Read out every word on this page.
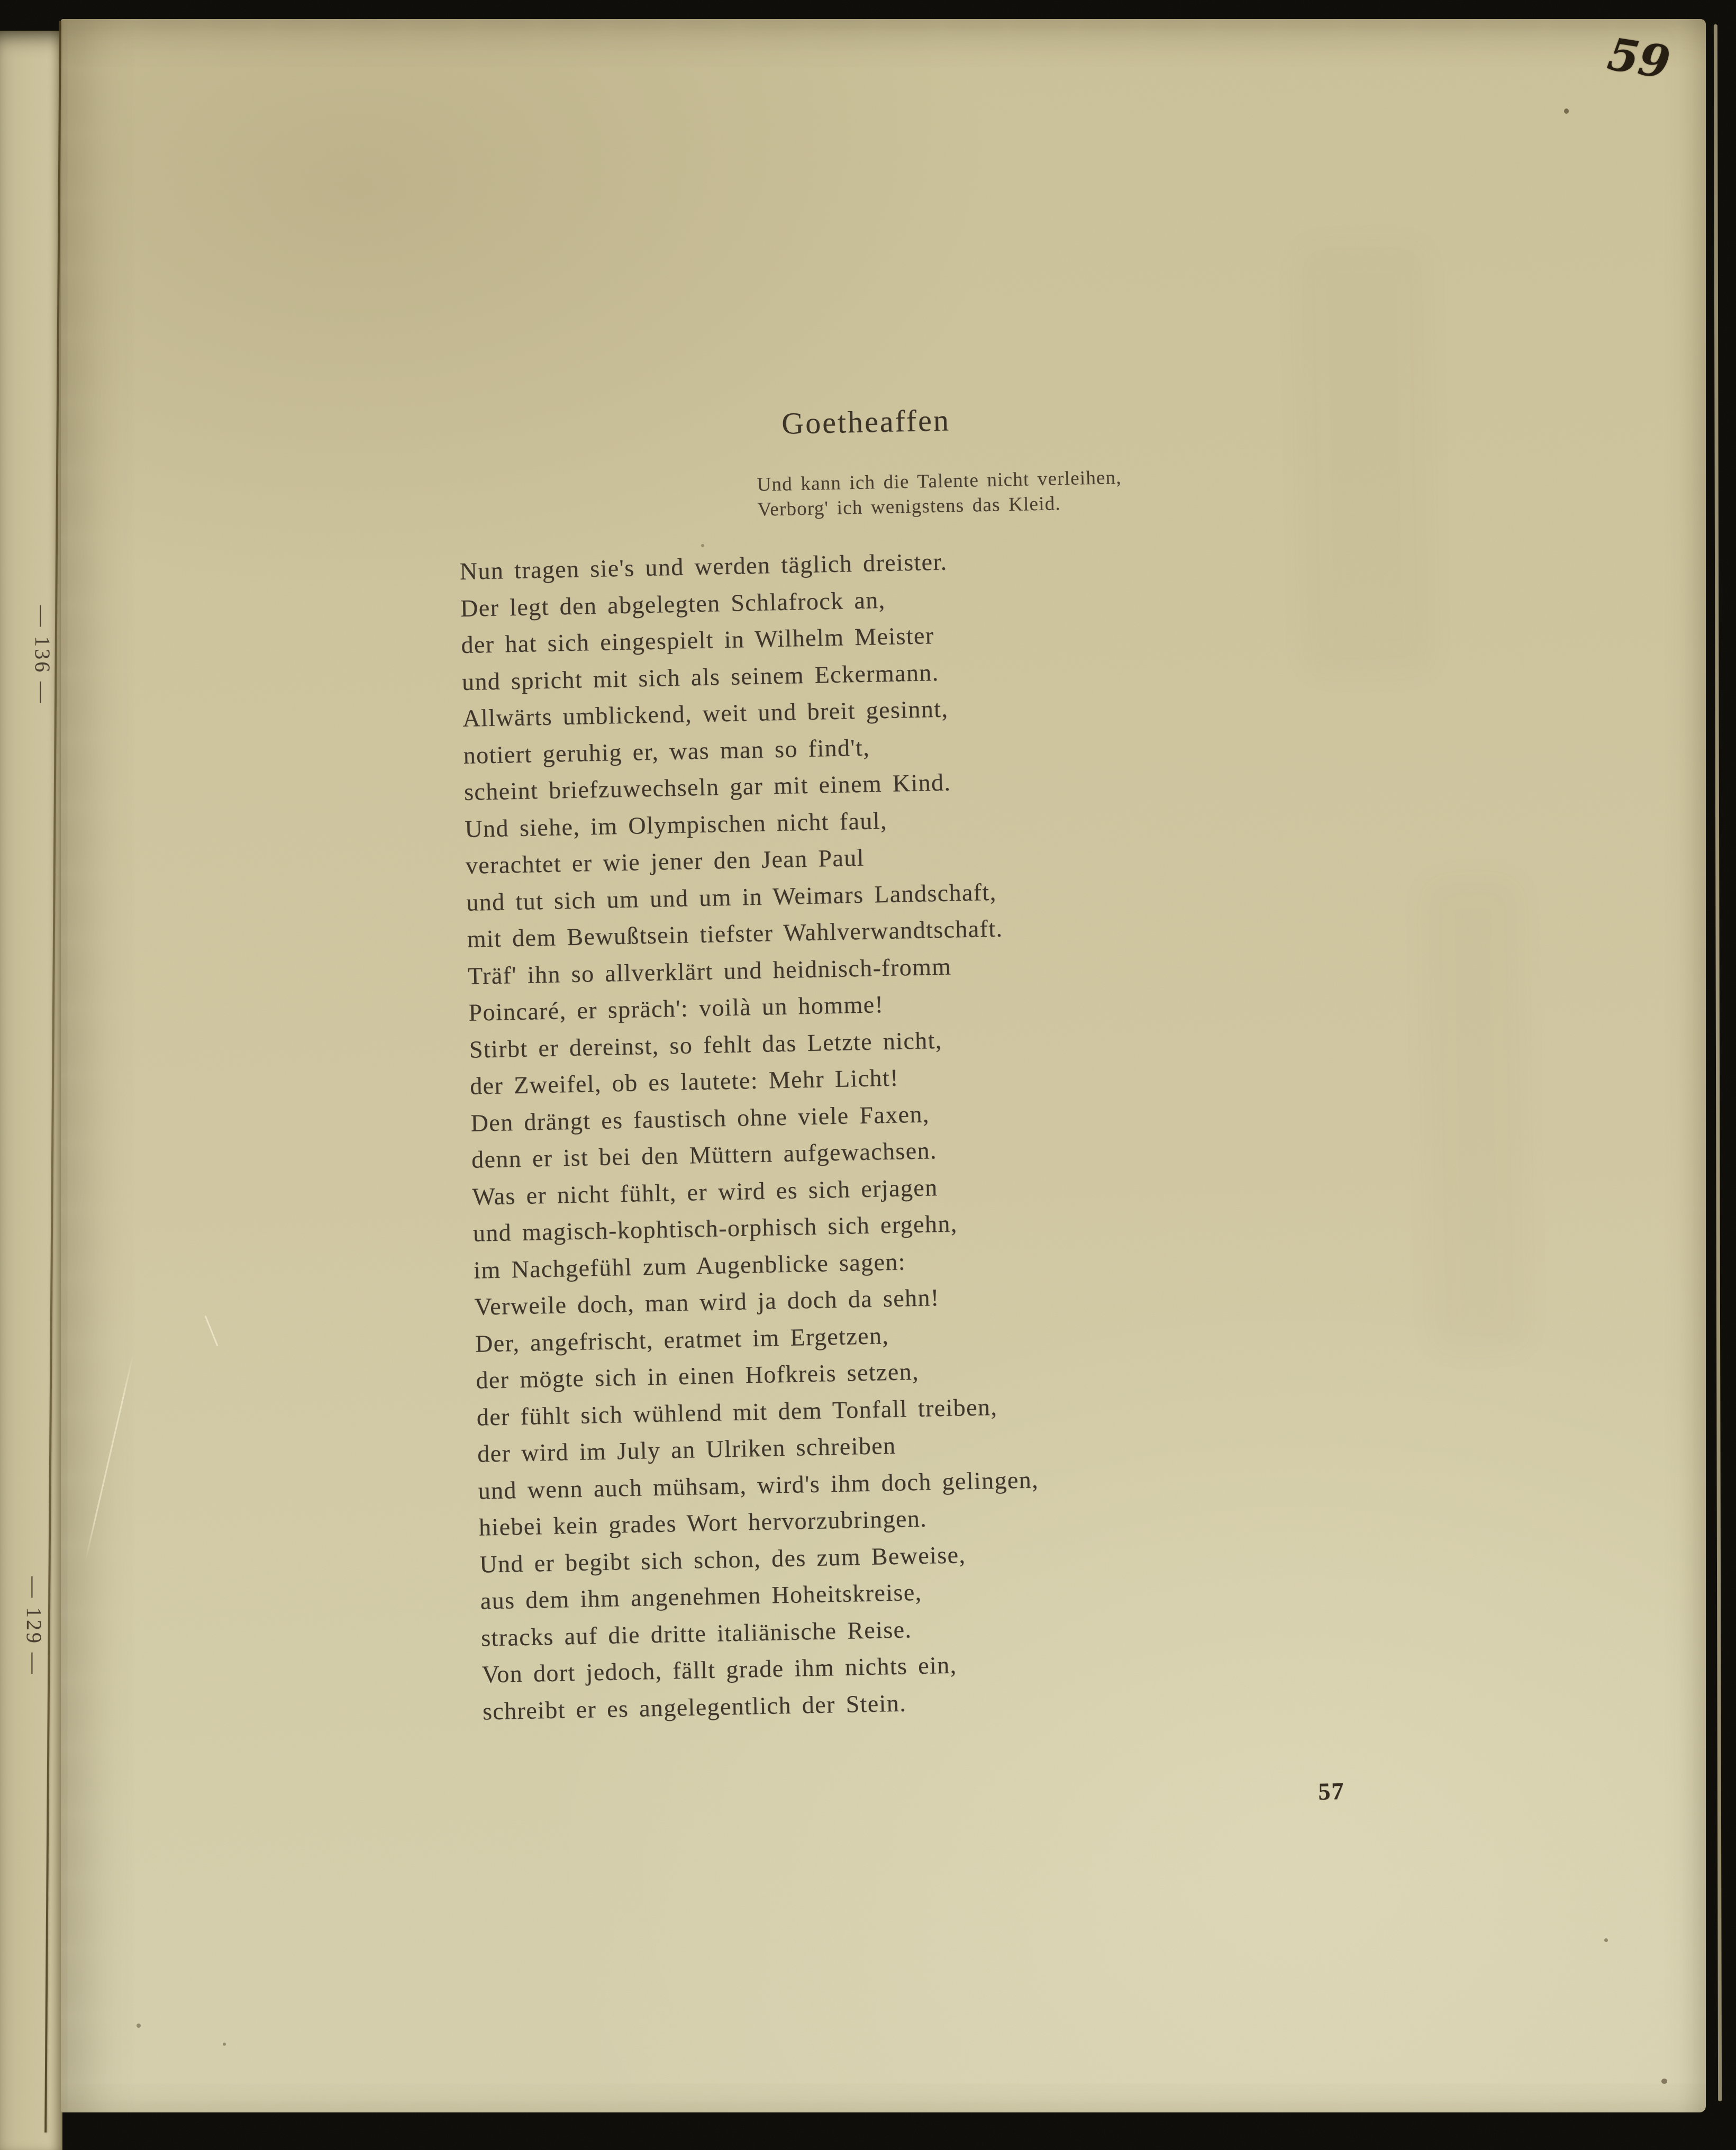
— 136 —
— 129 —
Goetheaffen
Und kann ich die Talente nicht verleihen,
Verborg' ich wenigstens das Kleid.
Nun tragen sie's und werden täglich dreister.
Der legt den abgelegten Schlafrock an,
der hat sich eingespielt in Wilhelm Meister
und spricht mit sich als seinem Eckermann.
Allwärts umblickend, weit und breit gesinnt,
notiert geruhig er, was man so find't,
scheint briefzuwechseln gar mit einem Kind.
Und siehe, im Olympischen nicht faul,
verachtet er wie jener den Jean Paul
und tut sich um und um in Weimars Landschaft,
mit dem Bewußtsein tiefster Wahlverwandtschaft.
Träf' ihn so allverklärt und heidnisch-fromm
Poincaré, er spräch': voilà un homme!
Stirbt er dereinst, so fehlt das Letzte nicht,
der Zweifel, ob es lautete: Mehr Licht!
Den drängt es faustisch ohne viele Faxen,
denn er ist bei den Müttern aufgewachsen.
Was er nicht fühlt, er wird es sich erjagen
und magisch-kophtisch-orphisch sich ergehn,
im Nachgefühl zum Augenblicke sagen:
Verweile doch, man wird ja doch da sehn!
Der, angefrischt, eratmet im Ergetzen,
der mögte sich in einen Hofkreis setzen,
der fühlt sich wühlend mit dem Tonfall treiben,
der wird im July an Ulriken schreiben
und wenn auch mühsam, wird's ihm doch gelingen,
hiebei kein grades Wort hervorzubringen.
Und er begibt sich schon, des zum Beweise,
aus dem ihm angenehmen Hoheitskreise,
stracks auf die dritte italiänische Reise.
Von dort jedoch, fällt grade ihm nichts ein,
schreibt er es angelegentlich der Stein.
57
59
